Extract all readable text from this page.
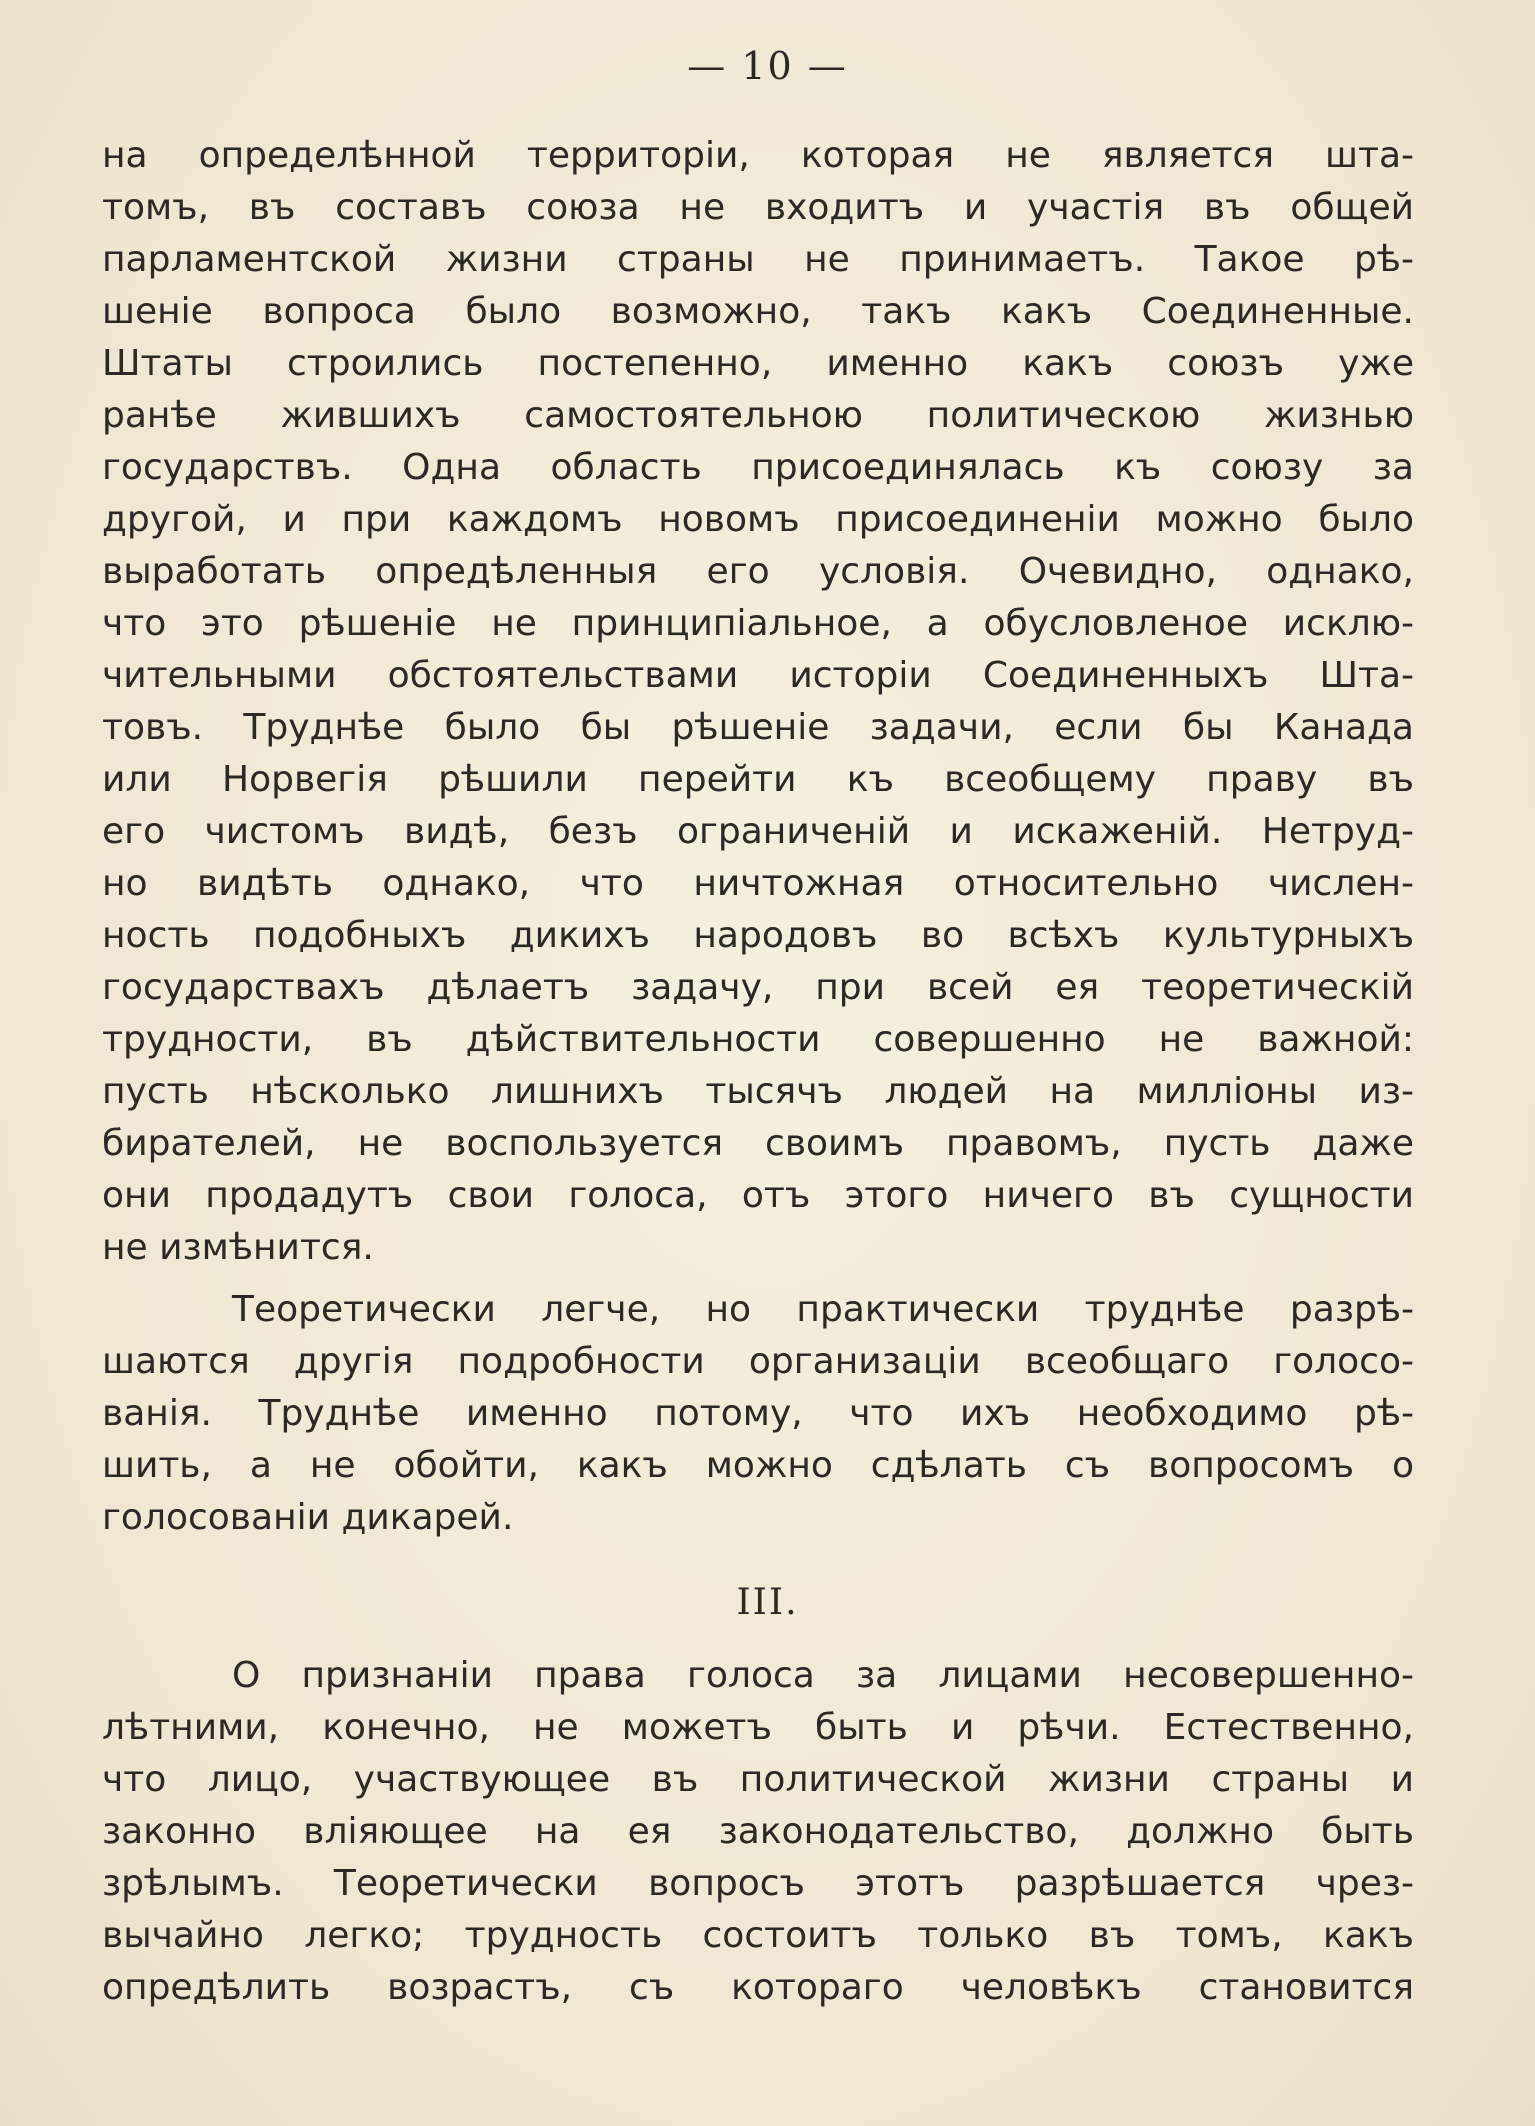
— 10 —
на определѣнной территоріи, которая не является шта-
томъ, въ составъ союза не входитъ и участія въ общей
парламентской жизни страны не принимаетъ. Такое рѣ-
шеніе вопроса было возможно, такъ какъ Соединенные.
Штаты строились постепенно, именно какъ союзъ уже
ранѣе жившихъ самостоятельною политическою жизнью
государствъ. Одна область присоединялась къ союзу за
другой, и при каждомъ новомъ присоединеніи можно было
выработать опредѣленныя его условія. Очевидно, однако,
что это рѣшеніе не принципіальное, а обусловленое исклю-
чительными обстоятельствами исторіи Соединенныхъ Шта-
товъ. Труднѣе было бы рѣшеніе задачи, если бы Канада
или Норвегія рѣшили перейти къ всеобщему праву въ
его чистомъ видѣ, безъ ограниченій и искаженій. Нетруд-
но видѣть однако, что ничтожная относительно числен-
ность подобныхъ дикихъ народовъ во всѣхъ культурныхъ
государствахъ дѣлаетъ задачу, при всей ея теоретическій
трудности, въ дѣйствительности совершенно не важной:
пусть нѣсколько лишнихъ тысячъ людей на милліоны из-
бирателей, не воспользуется своимъ правомъ, пусть даже
они продадутъ свои голоса, отъ этого ничего въ сущности
не измѣнится.
Теоретически легче, но практически труднѣе разрѣ-
шаются другія подробности организаціи всеобщаго голосо-
ванія. Труднѣе именно потому, что ихъ необходимо рѣ-
шить, а не обойти, какъ можно сдѣлать съ вопросомъ о
голосованіи дикарей.
III.
О признаніи права голоса за лицами несовершенно-
лѣтними, конечно, не можетъ быть и рѣчи. Естественно,
что лицо, участвующее въ политической жизни страны и
законно вліяющее на ея законодательство, должно быть
зрѣлымъ. Теоретически вопросъ этотъ разрѣшается чрез-
вычайно легко; трудность состоитъ только въ томъ, какъ
опредѣлить возрастъ, съ котораго человѣкъ становится
